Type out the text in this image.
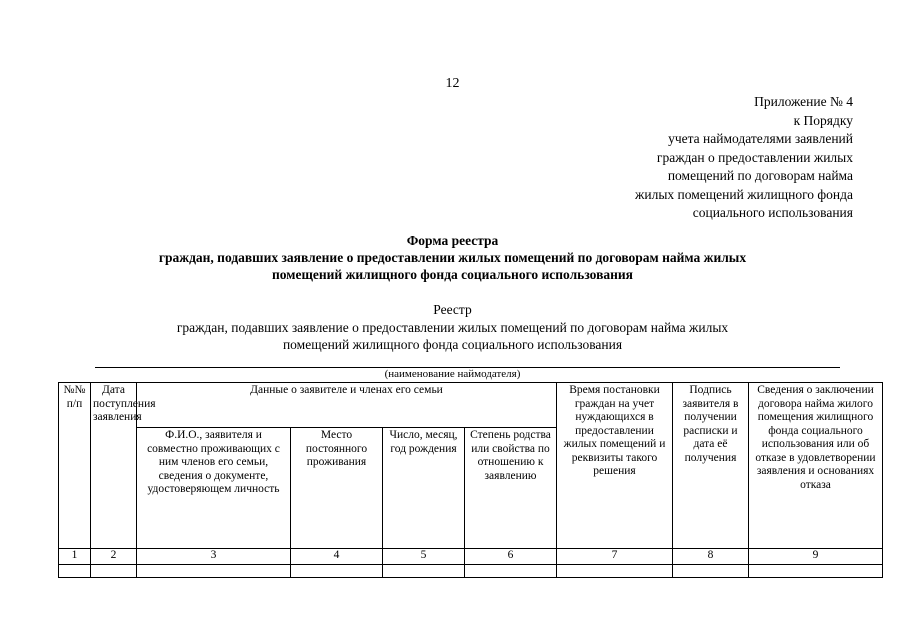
12
Приложение № 4
к Порядку
учета наймодателями заявлений
граждан о предоставлении жилых
помещений по договорам найма
жилых помещений жилищного фонда
социального использования
Форма реестра
граждан, подавших заявление о предоставлении жилых помещений по договорам найма жилых
помещений жилищного фонда социального использования
Реестр
граждан, подавших заявление о предоставлении жилых помещений по договорам найма жилых
помещений жилищного фонда социального использования
(наименование наймодателя)
№№ п/п	Дата поступления заявления	Данные о заявителе и членах его семьи				Время постановки граждан на учет нуждающихся в предоставлении жилых помещений и реквизиты такого решения	Подпись заявителя в получении расписки и дата её получения	Сведения о заключении договора найма жилого помещения жилищного фонда социального использования или об отказе в удовлетворении заявления и основаниях отказа
		Ф.И.О., заявителя и совместно проживающих с ним членов его семьи, сведения о документе, удостоверяющем личность	Место постоянного проживания	Число, месяц, год рождения	Степень родства или свойства по отношению к заявлению			
1	2	3	4	5	6	7	8	9
